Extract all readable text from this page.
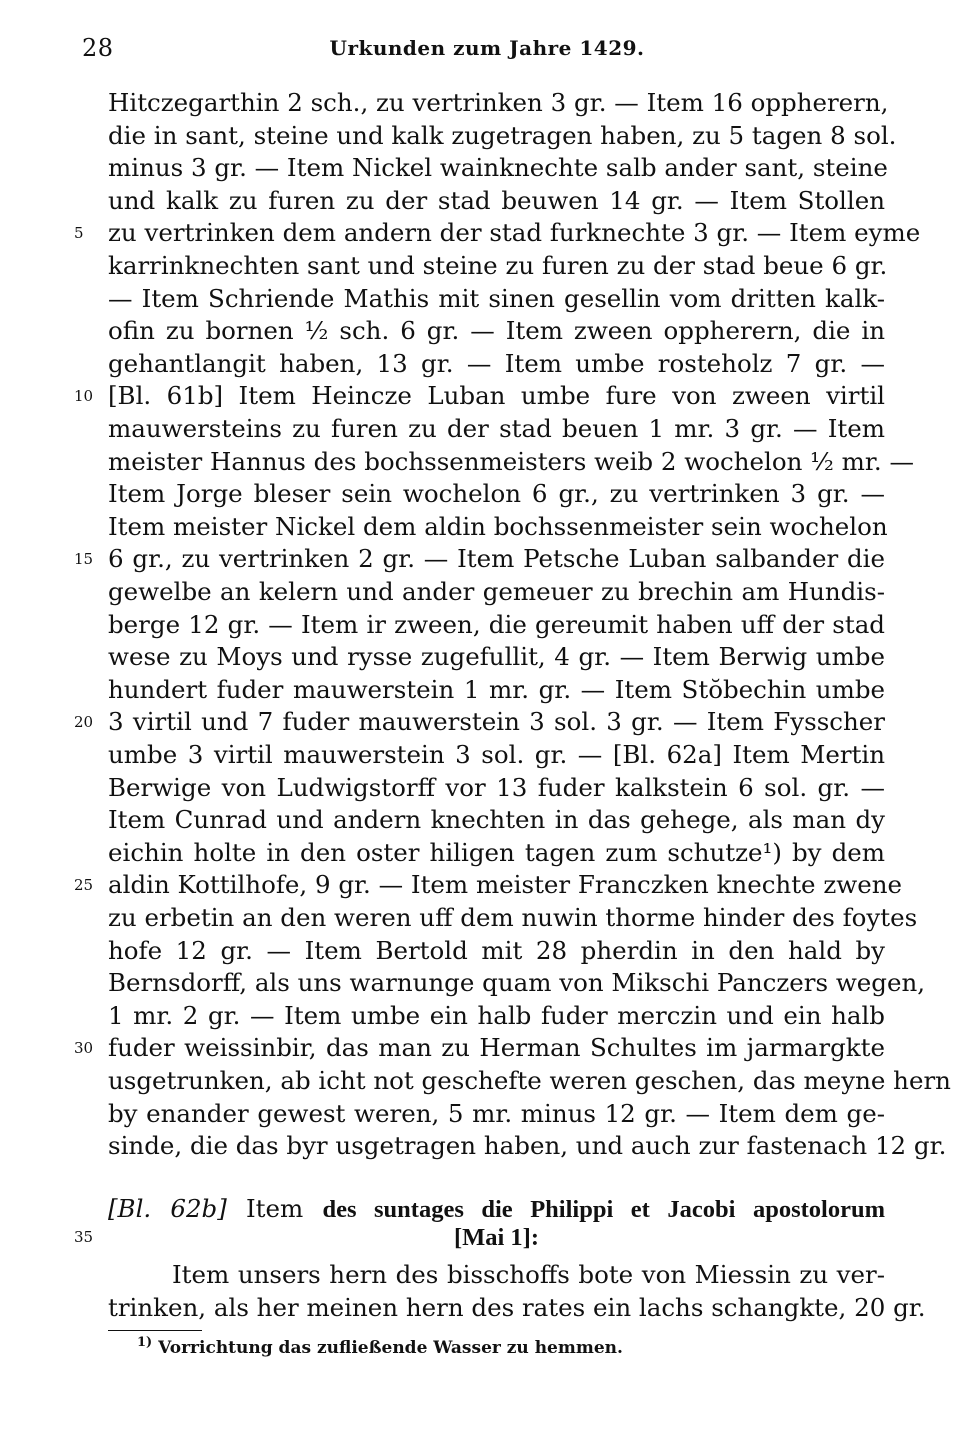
28	Urkunden zum Jahre 1429.
Hitczegarthin 2 sch., zu vertrinken 3 gr. — Item 16 oppherern,
die in sant, steine und kalk zugetragen haben, zu 5 tagen 8 sol.
minus 3 gr. — Item Nickel wainknechte salb ander sant, steine
und kalk zu furen zu der stad beuwen 14 gr. — Item Stollen
zu vertrinken dem andern der stad furknechte 3 gr. — Item eyme
5
karrinknechten sant und steine zu furen zu der stad beue 6 gr.
— Item Schriende Mathis mit sinen gesellin vom dritten kalk-
ofin zu bornen ½ sch. 6 gr. — Item zween oppherern, die in
gehantlangit haben, 13 gr. — Item umbe rosteholz 7 gr. —
[Bl. 61b] Item Heincze Luban umbe fure von zween virtil
10
mauwersteins zu furen zu der stad beuen 1 mr. 3 gr. — Item
meister Hannus des bochssenmeisters weib 2 wochelon ½ mr. —
Item Jorge bleser sein wochelon 6 gr., zu vertrinken 3 gr. —
Item meister Nickel dem aldin bochssenmeister sein wochelon
6 gr., zu vertrinken 2 gr. — Item Petsche Luban salbander die
15
gewelbe an kelern und ander gemeuer zu brechin am Hundis-
berge 12 gr. — Item ir zween, die gereumit haben uff der stad
wese zu Moys und rysse zugefullit, 4 gr. — Item Berwig umbe
hundert fuder mauwerstein 1 mr. gr. — Item Stŏbechin umbe
3 virtil und 7 fuder mauwerstein 3 sol. 3 gr. — Item Fysscher
20
umbe 3 virtil mauwerstein 3 sol. gr. — [Bl. 62a] Item Mertin
Berwige von Ludwigstorff vor 13 fuder kalkstein 6 sol. gr. —
Item Cunrad und andern knechten in das gehege, als man dy
eichin holte in den oster hiligen tagen zum schutze¹) by dem
aldin Kottilhofe, 9 gr. — Item meister Franczken knechte zwene
25
zu erbetin an den weren uff dem nuwin thorme hinder des foytes
hofe 12 gr. — Item Bertold mit 28 pherdin in den hald by
Bernsdorff, als uns warnunge quam von Mikschi Panczers wegen,
1 mr. 2 gr. — Item umbe ein halb fuder merczin und ein halb
fuder weissinbir, das man zu Herman Schultes im jarmargkte
30
usgetrunken, ab icht not geschefte weren geschen, das meyne hern
by enander gewest weren, 5 mr. minus 12 gr. — Item dem ge-
sinde, die das byr usgetragen haben, und auch zur fastenach 12 gr.
[Bl. 62b] Item des suntages die Philippi et Jacobi apostolorum
35	[Mai 1]:
Item unsers hern des bisschoffs bote von Miessin zu ver-
trinken, als her meinen hern des rates ein lachs schangkte, 20 gr.
$^{1)}$ Vorrichtung das zufließende Wasser zu hemmen.
